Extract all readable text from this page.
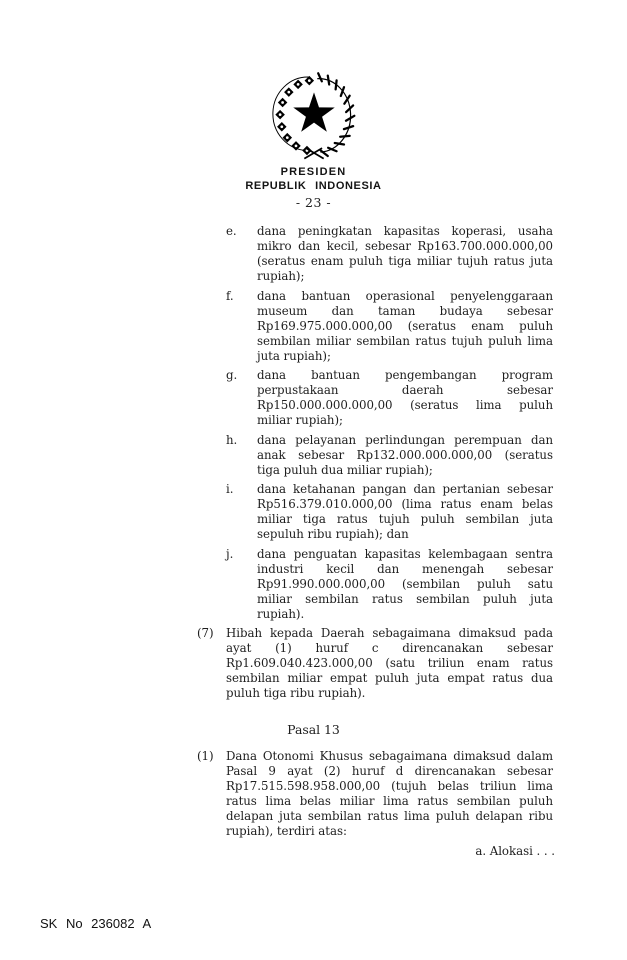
PRESIDEN
REPUBLIK INDONESIA
- 23 -
e.	dana peningkatan kapasitas koperasi, usaha
mikro dan kecil, sebesar Rp163.700.000.000,00
(seratus enam puluh tiga miliar tujuh ratus juta
rupiah);
f.	dana bantuan operasional penyelenggaraan
museum dan taman budaya sebesar
Rp169.975.000.000,00 (seratus enam puluh
sembilan miliar sembilan ratus tujuh puluh lima
juta rupiah);
g.	dana bantuan pengembangan program
perpustakaan daerah sebesar
Rp150.000.000.000,00 (seratus lima puluh
miliar rupiah);
h.	dana pelayanan perlindungan perempuan dan
anak sebesar Rp132.000.000.000,00 (seratus
tiga puluh dua miliar rupiah);
i.	dana ketahanan pangan dan pertanian sebesar
Rp516.379.010.000,00 (lima ratus enam belas
miliar tiga ratus tujuh puluh sembilan juta
sepuluh ribu rupiah); dan
j.	dana penguatan kapasitas kelembagaan sentra
industri kecil dan menengah sebesar
Rp91.990.000.000,00 (sembilan puluh satu
miliar sembilan ratus sembilan puluh juta
rupiah).
(7)	Hibah kepada Daerah sebagaimana dimaksud pada
ayat (1) huruf c direncanakan sebesar
Rp1.609.040.423.000,00 (satu triliun enam ratus
sembilan miliar empat puluh juta empat ratus dua
puluh tiga ribu rupiah).
Pasal 13
(1)	Dana Otonomi Khusus sebagaimana dimaksud dalam
Pasal 9 ayat (2) huruf d direncanakan sebesar
Rp17.515.598.958.000,00 (tujuh belas triliun lima
ratus lima belas miliar lima ratus sembilan puluh
delapan juta sembilan ratus lima puluh delapan ribu
rupiah), terdiri atas:
a. Alokasi . . .
SK No 236082 A
